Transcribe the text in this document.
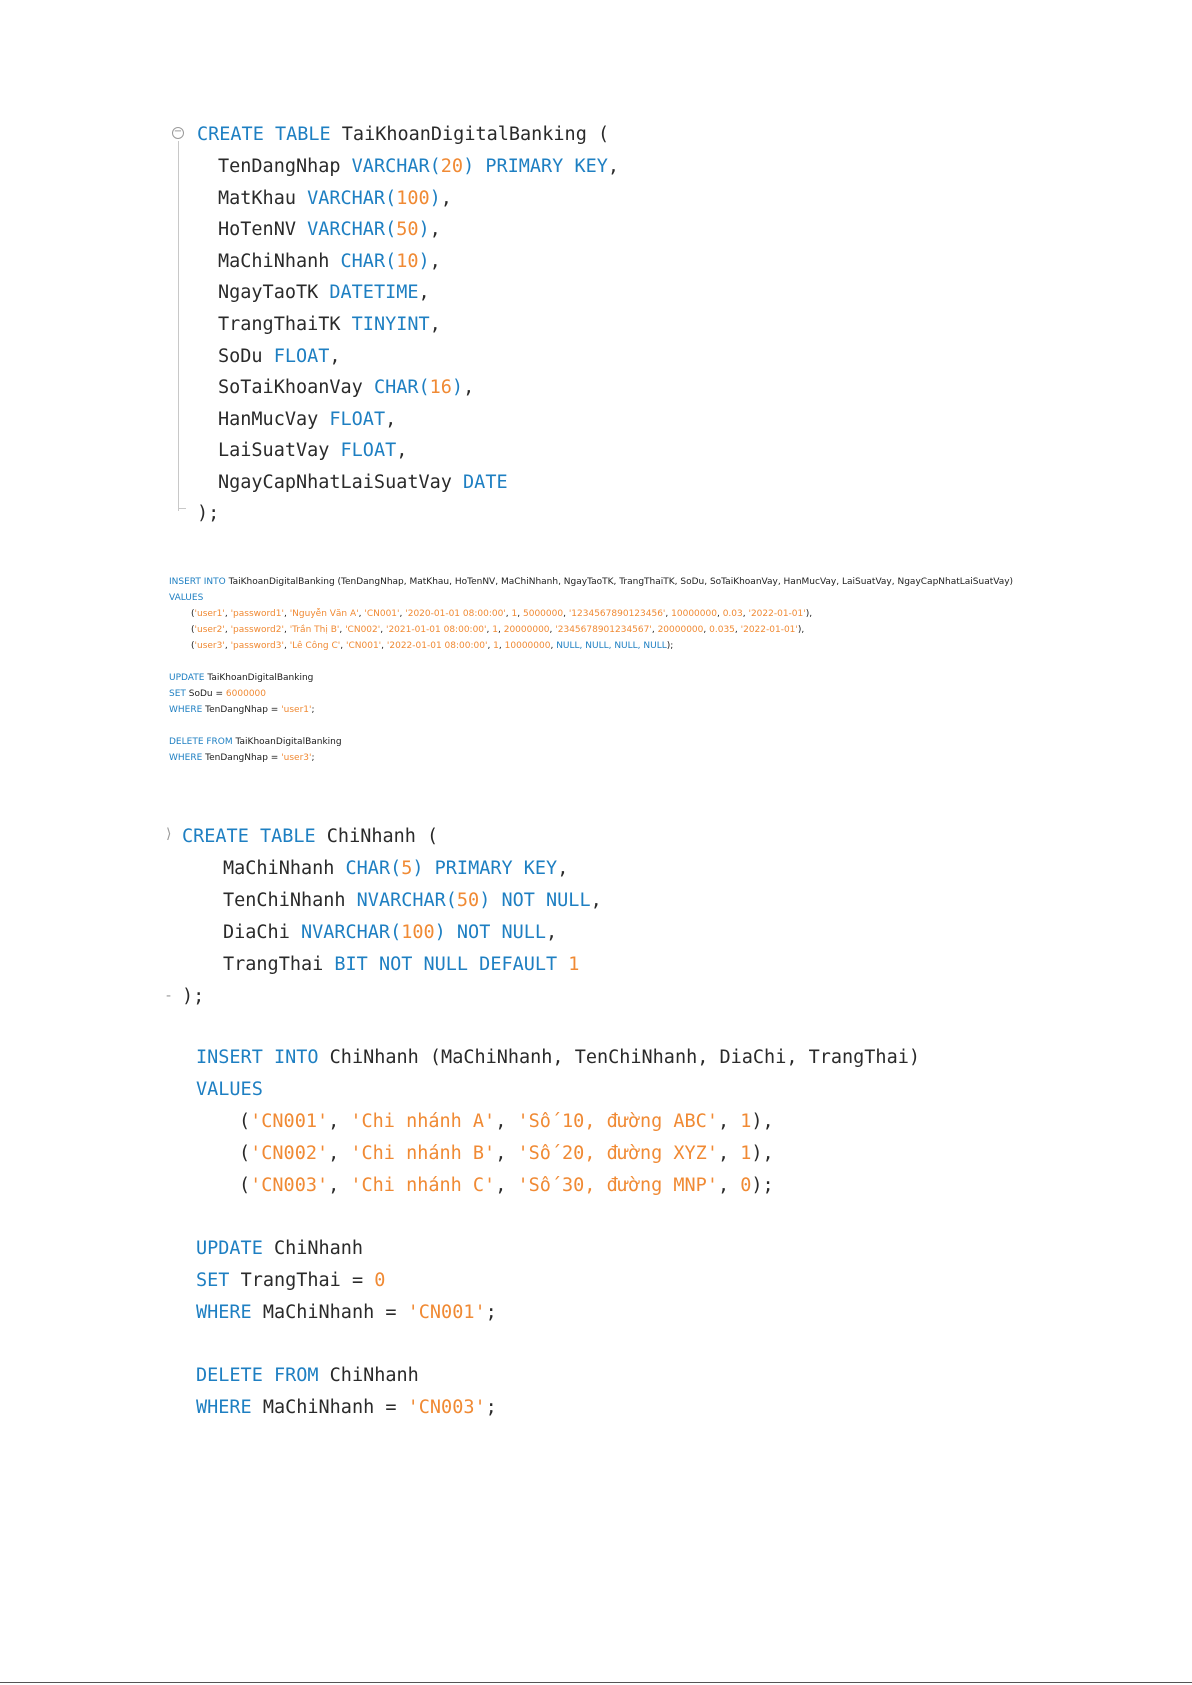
− CREATE TABLE TaiKhoanDigitalBanking (
TenDangNhap VARCHAR(20) PRIMARY KEY,
MatKhau VARCHAR(100),
HoTenNV VARCHAR(50),
MaChiNhanh CHAR(10),
NgayTaoTK DATETIME,
TrangThaiTK TINYINT,
SoDu FLOAT,
SoTaiKhoanVay CHAR(16),
HanMucVay FLOAT,
LaiSuatVay FLOAT,
NgayCapNhatLaiSuatVay DATE
);
INSERT INTO TaiKhoanDigitalBanking (TenDangNhap, MatKhau, HoTenNV, MaChiNhanh, NgayTaoTK, TrangThaiTK, SoDu, SoTaiKhoanVay, HanMucVay, LaiSuatVay, NgayCapNhatLaiSuatVay)
VALUES
('user1', 'password1', 'Nguyễn Văn A', 'CN001', '2020-01-01 08:00:00', 1, 5000000, '1234567890123456', 10000000, 0.03, '2022-01-01'),
('user2', 'password2', 'Trần Thị B', 'CN002', '2021-01-01 08:00:00', 1, 20000000, '2345678901234567', 20000000, 0.035, '2022-01-01'),
('user3', 'password3', 'Lê Công C', 'CN001', '2022-01-01 08:00:00', 1, 10000000, NULL, NULL, NULL, NULL);
UPDATE TaiKhoanDigitalBanking
SET SoDu = 6000000
WHERE TenDangNhap = 'user1';
DELETE FROM TaiKhoanDigitalBanking
WHERE TenDangNhap = 'user3';
⟩ CREATE TABLE ChiNhanh (
MaChiNhanh CHAR(5) PRIMARY KEY,
TenChiNhanh NVARCHAR(50) NOT NULL,
DiaChi NVARCHAR(100) NOT NULL,
TrangThai BIT NOT NULL DEFAULT 1
- );
INSERT INTO ChiNhanh (MaChiNhanh, TenChiNhanh, DiaChi, TrangThai)
VALUES
('CN001', 'Chi nhánh A', 'Số 10, đường ABC', 1),
('CN002', 'Chi nhánh B', 'Số 20, đường XYZ', 1),
('CN003', 'Chi nhánh C', 'Số 30, đường MNP', 0);
UPDATE ChiNhanh
SET TrangThai = 0
WHERE MaChiNhanh = 'CN001';
DELETE FROM ChiNhanh
WHERE MaChiNhanh = 'CN003';
